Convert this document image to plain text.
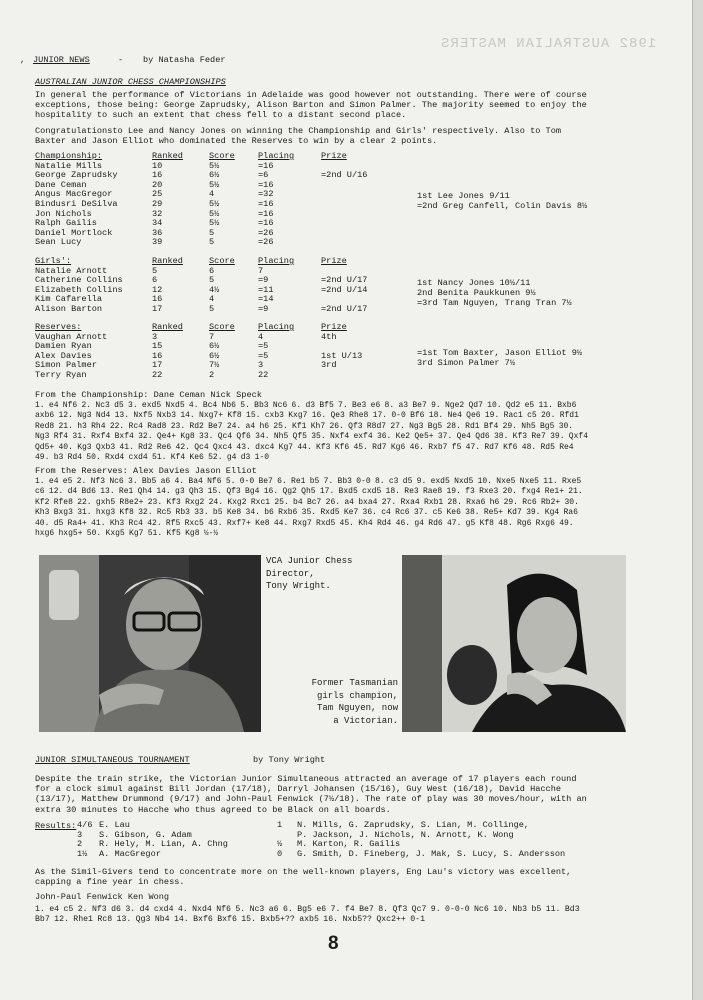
1982 AUSTRALIAN MASTERS
, JUNIOR NEWS	- by Natasha Feder
AUSTRALIAN JUNIOR CHESS CHAMPIONSHIPS
In general the performance of Victorians in Adelaide was good however not outstanding. There were of course exceptions, those being: George Zaprudsky, Alison Barton and Simon Palmer. The majority seemed to enjoy the hospitality to such an extent that chess fell to a distant second place.
Congratulationsto Lee and Nancy Jones on winning the Championship and Girls' respectively. Also to Tom Baxter and Jason Elliot who dominated the Reserves to win by a clear 2 points.
Championship:	Ranked	Score	Placing	Prize
Natalie Mills	10	5½	=16	
George Zaprudsky	16	6½	=6	=2nd U/16
Dane Ceman	20	5½	=16	
Angus MacGregor	25	4	=32	
Bindusri DeSilva	29	5½	=16	
Jon Nichols	32	5½	=16	
Ralph Gailis	34	5½	=16	
Daniel Mortlock	36	5	=26	
Sean Lucy	39	5	=26	
1st Lee Jones 9/11
=2nd Greg Canfell, Colin Davis 8½
Girls':	Ranked	Score	Placing	Prize
Natalie Arnott	5	6	7	
Catherine Collins	6	5	=9	=2nd U/17
Elizabeth Collins	12	4½	=11	=2nd U/14
Kim Cafarella	16	4	=14	
Alison Barton	17	5	=9	=2nd U/17
1st Nancy Jones 10½/11
2nd Benita Paukkunen 9½
=3rd Tam Nguyen, Trang Tran 7½
Reserves:	Ranked	Score	Placing	Prize
Vaughan Arnott	3	7	4	4th
Damien Ryan	15	6½	=5	
Alex Davies	16	6½	=5	1st U/13
Simon Palmer	17	7½	3	3rd
Terry Ryan	22	2	22	
=1st Tom Baxter, Jason Elliot 9½
3rd Simon Palmer 7½
From the Championship: Dane Ceman Nick Speck
1. e4 Nf6 2. Nc3 d5 3. exd5 Nxd5 4. Bc4 Nb6 5. Bb3 Nc6 6. d3 Bf5 7. Be3 e6 8. a3 Be7 9. Nge2 Qd7 10. Qd2 e5 11. Bxb6 axb6 12. Ng3 Nd4 13. Nxf5 Nxb3 14. Nxg7+ Kf8 15. cxb3 Kxg7 16. Qe3 Rhe8 17. 0-0 Bf6 18. Ne4 Qe6 19. Rac1 c5 20. Rfd1 Red8 21. h3 Rh4 22. Rc4 Rad8 23. Rd2 Be7 24. a4 h6 25. Kf1 Kh7 26. Qf3 R8d7 27. Ng3 Bg5 28. Rd1 Bf4 29. Nh5 Bg5 30. Ng3 Rf4 31. Rxf4 Bxf4 32. Qe4+ Kg8 33. Qc4 Qf6 34. Nh5 Qf5 35. Nxf4 exf4 36. Ke2 Qe5+ 37. Qe4 Qd6 38. Kf3 Re7 39. Qxf4 Qd5+ 40. Kg3 Qxb3 41. Rd2 Re6 42. Qc4 Qxc4 43. dxc4 Kg7 44. Kf3 Kf6 45. Rd7 Kg6 46. Rxb7 f5 47. Rd7 Kf6 48. Rd5 Re4 49. b3 Rd4 50. Rxd4 cxd4 51. Kf4 Ke6 52. g4 d3 1-0
From the Reserves: Alex Davies Jason Elliot
1. e4 e5 2. Nf3 Nc6 3. Bb5 a6 4. Ba4 Nf6 5. 0-0 Be7 6. Re1 b5 7. Bb3 0-0 8. c3 d5 9. exd5 Nxd5 10. Nxe5 Nxe5 11. Rxe5 c6 12. d4 Bd6 13. Re1 Qh4 14. g3 Qh3 15. Qf3 Bg4 16. Qg2 Qh5 17. Bxd5 cxd5 18. Re3 Rae8 19. f3 Rxe3 20. fxg4 Re1+ 21. Kf2 Rfe8 22. gxh5 R8e2+ 23. Kf3 Rxg2 24. Kxg2 Rxc1 25. b4 Bc7 26. a4 bxa4 27. Rxa4 Rxb1 28. Rxa6 h6 29. Rc6 Rb2+ 30. Kh3 Bxg3 31. hxg3 Kf8 32. Rc5 Rb3 33. b5 Ke8 34. b6 Rxb6 35. Rxd5 Ke7 36. c4 Rc6 37. c5 Ke6 38. Re5+ Kd7 39. Kg4 Ra6 40. d5 Ra4+ 41. Kh3 Rc4 42. Rf5 Rxc5 43. Rxf7+ Ke8 44. Rxg7 Rxd5 45. Kh4 Rd4 46. g4 Rd6 47. g5 Kf8 48. Rg6 Rxg6 49. hxg6 hxg5+ 50. Kxg5 Kg7 51. Kf5 Kg8 ½-½
VCA Junior Chess
Director,
Tony Wright.
Former Tasmanian
girls champion,
Tam Nguyen, now
a Victorian.
JUNIOR SIMULTANEOUS TOURNAMENT	by Tony Wright
Despite the train strike, the Victorian Junior Simultaneous attracted an average of 17 players each round for a clock simul against Bill Jordan (17/18), Darryl Johansen (15/16), Guy West (16/18), David Hacche (13/17), Matthew Drummond (9/17) and John-Paul Fenwick (7½/18). The rate of play was 30 moves/hour, with an extra 30 minutes to Hacche who thus agreed to be Black on all boards.
Results: 4/6	E. Lau
3	S. Gibson, G. Adam
2	R. Hely, M. Lian, A. Chng
1½	A. MacGregor
1	N. Mills, G. Zaprudsky, S. Lian, M. Collinge,
	P. Jackson, J. Nichols, N. Arnott, K. Wong
½	M. Karton, R. Gailis
0	G. Smith, D. Fineberg, J. Mak, S. Lucy, S. Andersson
As the Simil-Givers tend to concentrate more on the well-known players, Eng Lau's victory was excellent, capping a fine year in chess.
John-Paul Fenwick Ken Wong
1. e4 c5 2. Nf3 d6 3. d4 cxd4 4. Nxd4 Nf6 5. Nc3 a6 6. Bg5 e6 7. f4 Be7 8. Qf3 Qc7 9. 0-0-0 Nc6 10. Nb3 b5 11. Bd3 Bb7 12. Rhe1 Rc8 13. Qg3 Nb4 14. Bxf6 Bxf6 15. Bxb5+?? axb5 16. Nxb5?? Qxc2++ 0-1
8
